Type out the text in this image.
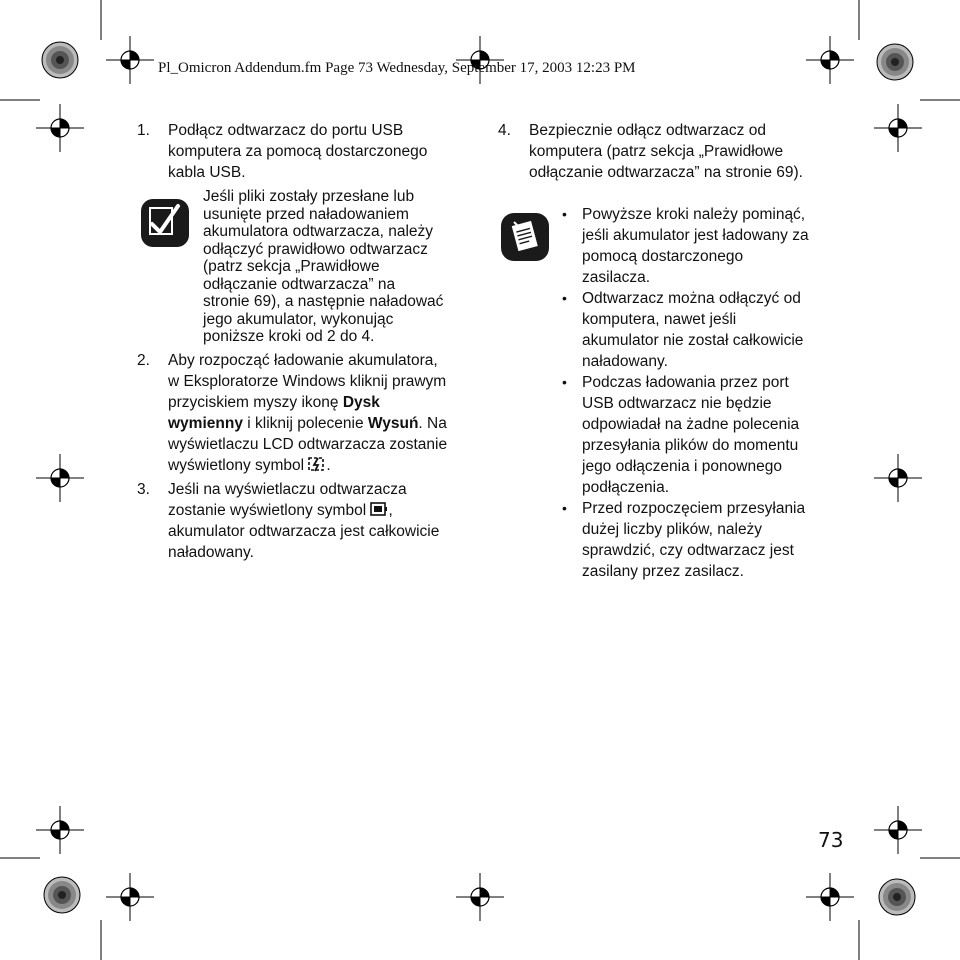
Pl_Omicron Addendum.fm Page 73 Wednesday, September 17, 2003 12:23 PM
1. Podłącz odtwarzacz do portu USB
komputera za pomocą dostarczonego
kabla USB.
Jeśli pliki zostały przesłane lub
usunięte przed naładowaniem
akumulatora odtwarzacza, należy
odłączyć prawidłowo odtwarzacz
(patrz sekcja „Prawidłowe
odłączanie odtwarzacza” na
stronie 69), a następnie naładować
jego akumulator, wykonując
poniższe kroki od 2 do 4.
2. Aby rozpocząć ładowanie akumulatora,
w Eksploratorze Windows kliknij prawym
przyciskiem myszy ikonę Dysk
wymienny i kliknij polecenie Wysuń. Na
wyświetlaczu LCD odtwarzacza zostanie
wyświetlony symbol .
3. Jeśli na wyświetlaczu odtwarzacza
zostanie wyświetlony symbol ,
akumulator odtwarzacza jest całkowicie
naładowany.
4. Bezpiecznie odłącz odtwarzacz od
komputera (patrz sekcja „Prawidłowe
odłączanie odtwarzacza” na stronie 69).
• Powyższe kroki należy pominąć,
jeśli akumulator jest ładowany za
pomocą dostarczonego
zasilacza.
• Odtwarzacz można odłączyć od
komputera, nawet jeśli
akumulator nie został całkowicie
naładowany.
• Podczas ładowania przez port
USB odtwarzacz nie będzie
odpowiadał na żadne polecenia
przesyłania plików do momentu
jego odłączenia i ponownego
podłączenia.
• Przed rozpoczęciem przesyłania
dużej liczby plików, należy
sprawdzić, czy odtwarzacz jest
zasilany przez zasilacz.
73
